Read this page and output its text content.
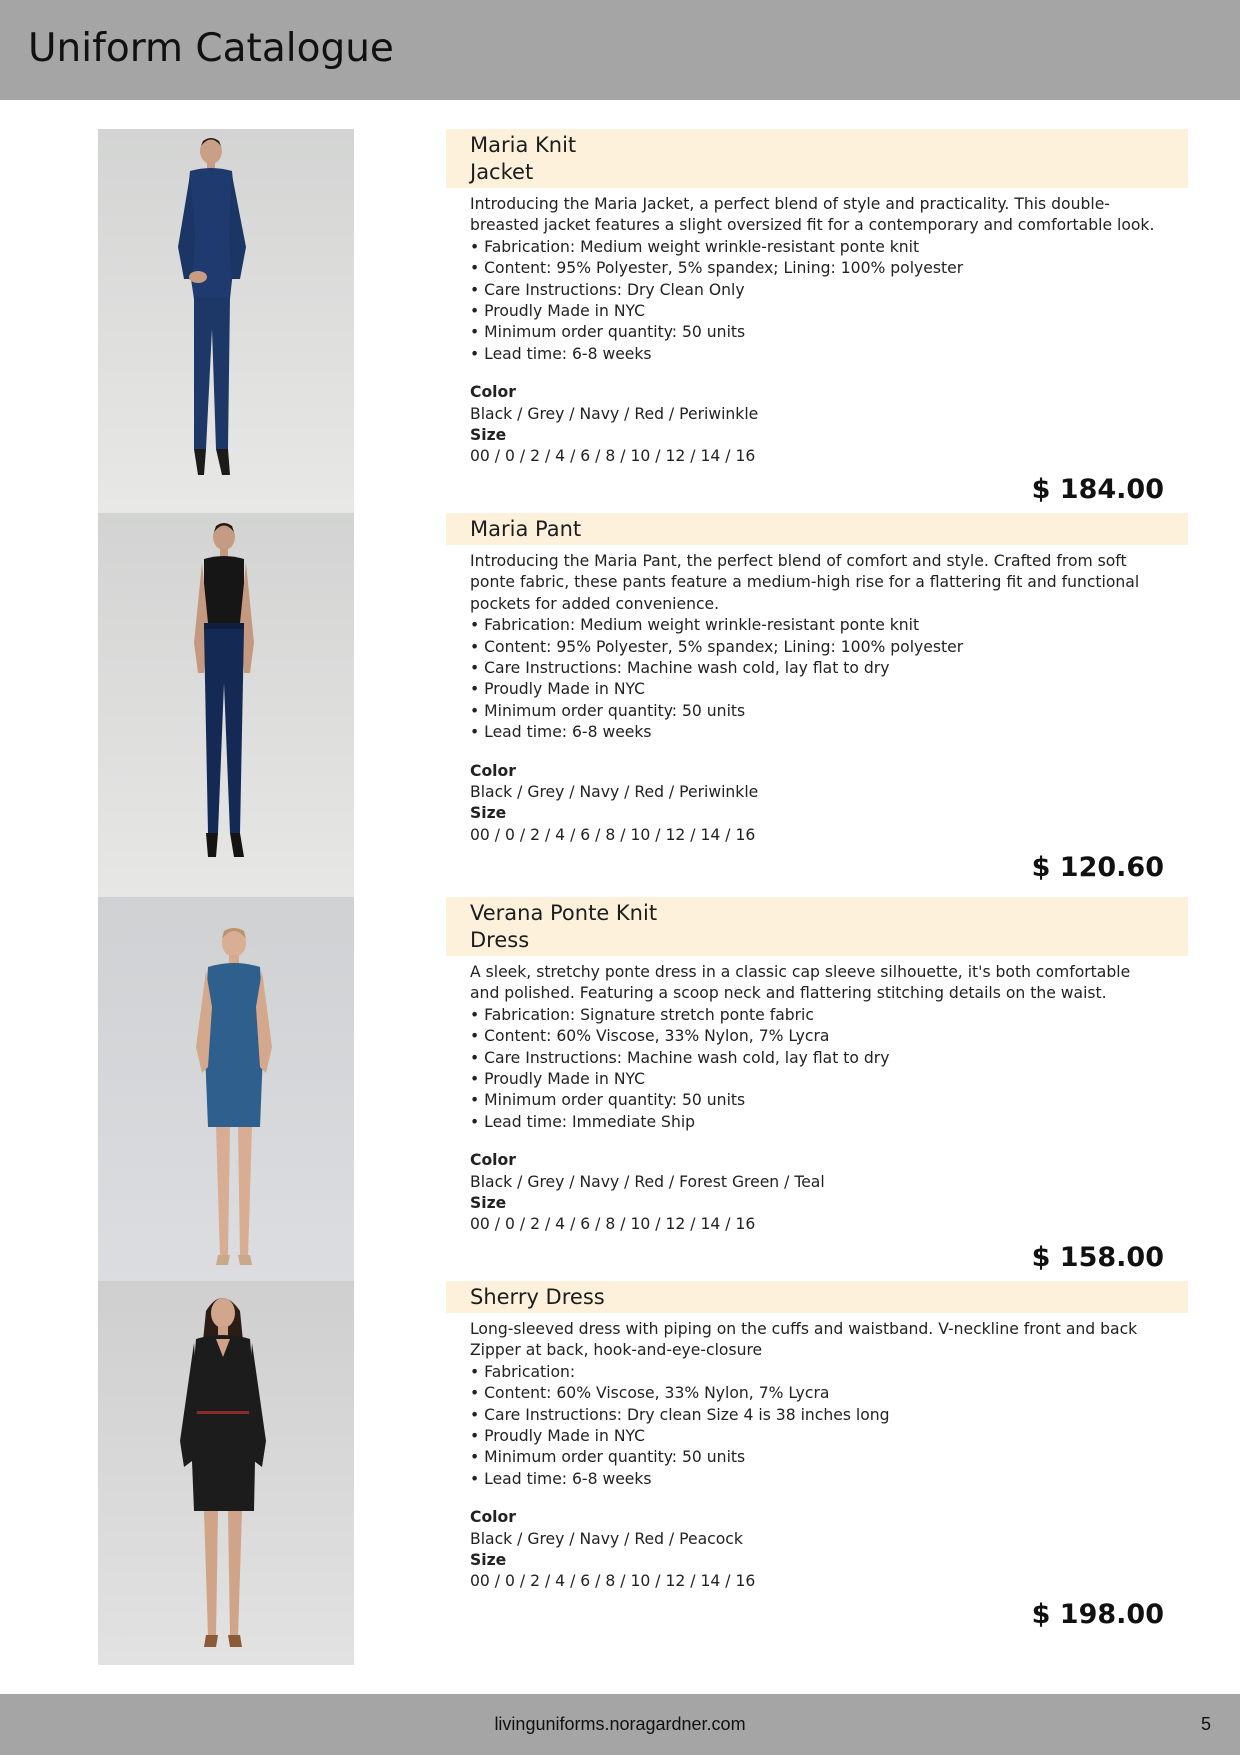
Uniform Catalogue
Maria Knit
Jacket

Introducing the Maria Jacket, a perfect blend of style and practicality. This double-breasted jacket features a slight oversized fit for a contemporary and comfortable look.

• Fabrication: Medium weight wrinkle-resistant ponte knit
• Content: 95% Polyester, 5% spandex; Lining: 100% polyester
• Care Instructions: Dry Clean Only
• Proudly Made in NYC
• Minimum order quantity: 50 units
• Lead time: 6-8 weeks
Color
Black / Grey / Navy / Red / Periwinkle
Size
00 / 0 / 2 / 4 / 6 / 8 / 10 / 12 / 14 / 16
$ 184.00
Maria Pant

Introducing the Maria Pant, the perfect blend of comfort and style. Crafted from soft ponte fabric, these pants feature a medium-high rise for a flattering fit and functional pockets for added convenience.

• Fabrication: Medium weight wrinkle-resistant ponte knit
• Content: 95% Polyester, 5% spandex; Lining: 100% polyester
• Care Instructions: Machine wash cold, lay flat to dry
• Proudly Made in NYC
• Minimum order quantity: 50 units
• Lead time: 6-8 weeks
Color
Black / Grey / Navy / Red / Periwinkle
Size
00 / 0 / 2 / 4 / 6 / 8 / 10 / 12 / 14 / 16
$ 120.60
Verana Ponte Knit
Dress

A sleek, stretchy ponte dress in a classic cap sleeve silhouette, it's both comfortable and polished. Featuring a scoop neck and flattering stitching details on the waist.

• Fabrication: Signature stretch ponte fabric
• Content: 60% Viscose, 33% Nylon, 7% Lycra
• Care Instructions: Machine wash cold, lay flat to dry
• Proudly Made in NYC
• Minimum order quantity: 50 units
• Lead time: Immediate Ship
Color
Black / Grey / Navy / Red / Forest Green / Teal
Size
00 / 0 / 2 / 4 / 6 / 8 / 10 / 12 / 14 / 16
$ 158.00
Sherry Dress

Long-sleeved dress with piping on the cuffs and waistband. V-neckline front and back Zipper at back, hook-and-eye-closure

• Fabrication:
• Content: 60% Viscose, 33% Nylon, 7% Lycra
• Care Instructions: Dry clean Size 4 is 38 inches long
• Proudly Made in NYC
• Minimum order quantity: 50 units
• Lead time: 6-8 weeks
Color
Black / Grey / Navy / Red / Peacock
Size
00 / 0 / 2 / 4 / 6 / 8 / 10 / 12 / 14 / 16
$ 198.00
livinguniforms.noragardner.com	5
